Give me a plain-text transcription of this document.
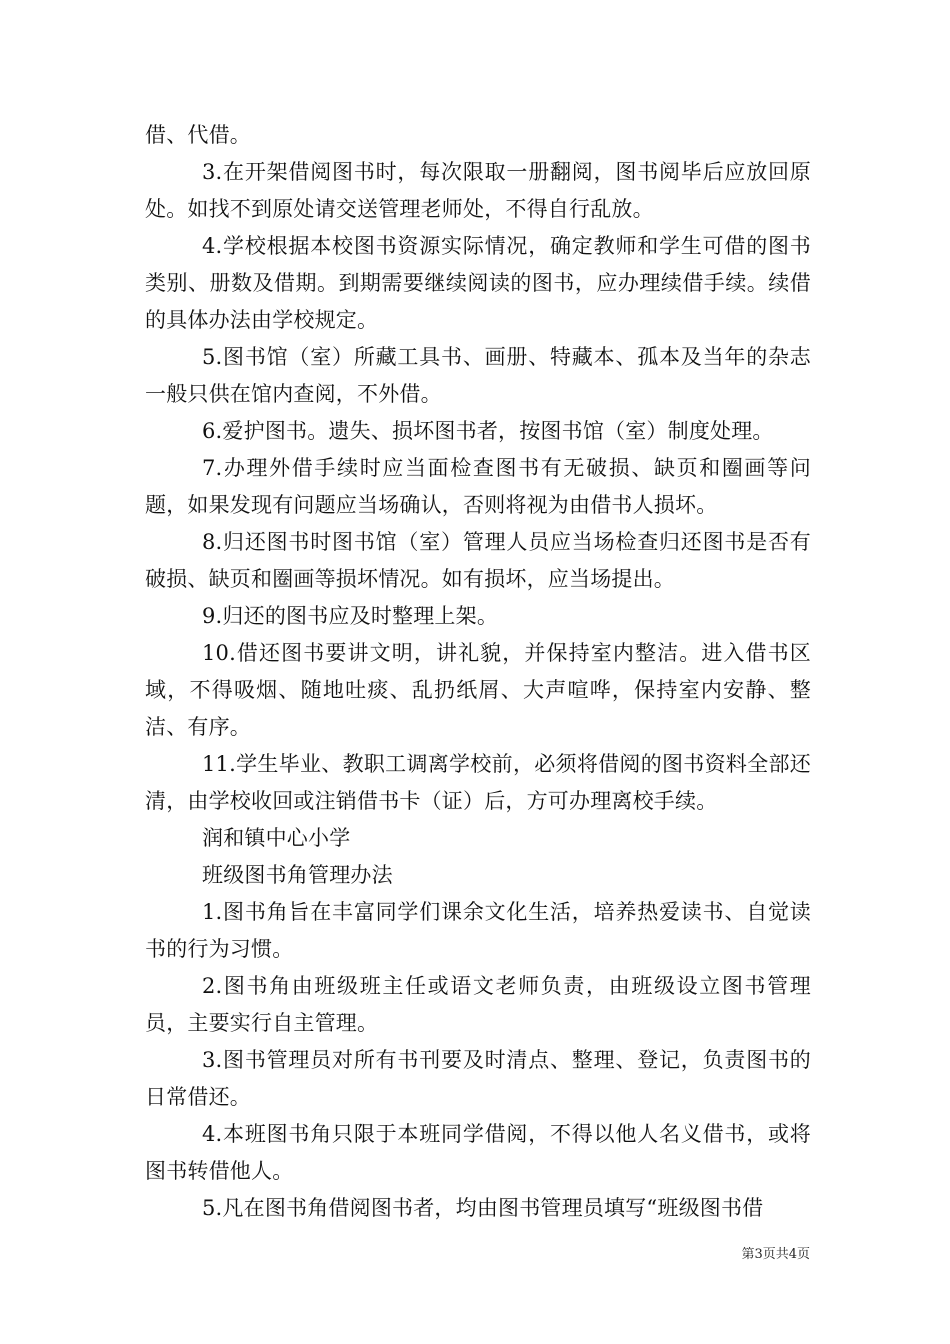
借、代借。

3.在开架借阅图书时，每次限取一册翻阅，图书阅毕后应放回原处。如找不到原处请交送管理老师处，不得自行乱放。

4.学校根据本校图书资源实际情况，确定教师和学生可借的图书类别、册数及借期。到期需要继续阅读的图书，应办理续借手续。续借的具体办法由学校规定。

5.图书馆（室）所藏工具书、画册、特藏本、孤本及当年的杂志一般只供在馆内查阅，不外借。

6.爱护图书。遗失、损坏图书者，按图书馆（室）制度处理。

7.办理外借手续时应当面检查图书有无破损、缺页和圈画等问题，如果发现有问题应当场确认，否则将视为由借书人损坏。

8.归还图书时图书馆（室）管理人员应当场检查归还图书是否有破损、缺页和圈画等损坏情况。如有损坏，应当场提出。

9.归还的图书应及时整理上架。

10.借还图书要讲文明，讲礼貌，并保持室内整洁。进入借书区域，不得吸烟、随地吐痰、乱扔纸屑、大声喧哗，保持室内安静、整洁、有序。

11.学生毕业、教职工调离学校前，必须将借阅的图书资料全部还清，由学校收回或注销借书卡（证）后，方可办理离校手续。

润和镇中心小学

班级图书角管理办法

1.图书角旨在丰富同学们课余文化生活，培养热爱读书、自觉读书的行为习惯。

2.图书角由班级班主任或语文老师负责，由班级设立图书管理员，主要实行自主管理。

3.图书管理员对所有书刊要及时清点、整理、登记，负责图书的日常借还。

4.本班图书角只限于本班同学借阅，不得以他人名义借书，或将图书转借他人。

5.凡在图书角借阅图书者，均由图书管理员填写“班级图书借

第3页共4页
